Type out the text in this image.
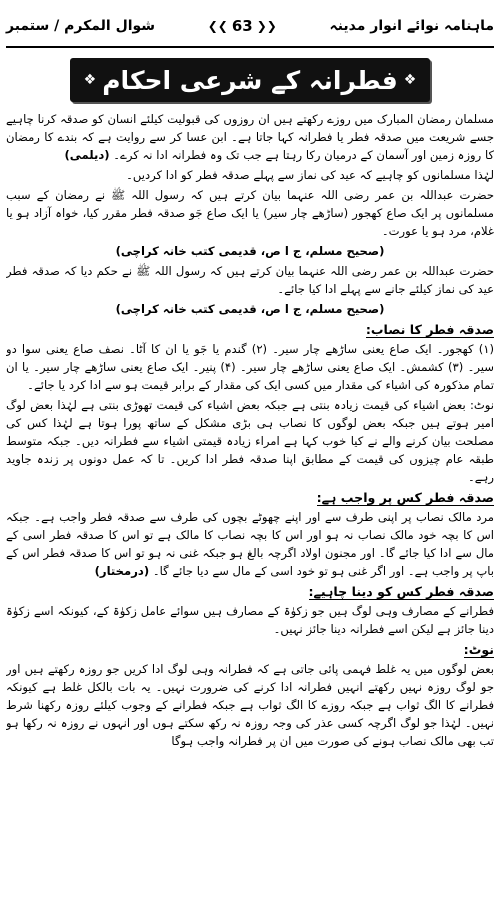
شوال المکرم / ستمبر	❮❮ 63 ❯❯	ماہنامہ نوائے انوار مدینہ
❖
فطرانہ کے شرعی احکام
❖

مسلمان رمضان المبارک میں روزے رکھتے ہیں ان روزوں کی قبولیت کیلئے انسان کو صدقہ کرنا چاہیے جسے شریعت میں صدقہ فطر یا فطرانہ کہا جاتا ہے۔ ابن عسا کر سے روایت ہے کہ بندے کا رمضان کا روزہ زمین اور آسمان کے درمیان رکا رہتا ہے جب تک وہ فطرانہ ادا نہ کرے۔ (دیلمی)

لہٰذا مسلمانوں کو چاہیے کہ عید کی نماز سے پہلے صدقہ فطر کو ادا کردیں۔

حضرت عبداللہ بن عمر رضی اللہ عنہما بیان کرتے ہیں کہ رسول اللہ ﷺ نے رمضان کے سبب مسلمانوں پر ایک صاع کھجور (ساڑھے چار سیر) یا ایک صاع جَو صدقہ فطر مقرر کیا، خواہ آزاد ہو یا غلام، مرد ہو یا عورت۔

(صحیح مسلم، ج ا ص، قدیمی کتب خانہ کراچی)

حضرت عبداللہ بن عمر رضی اللہ عنہما بیان کرتے ہیں کہ رسول اللہ ﷺ نے حکم دیا کہ صدقہ فطر عید کی نماز کیلئے جانے سے پہلے ادا کیا جائے۔

(صحیح مسلم، ج ا ص، قدیمی کتب خانہ کراچی)

صدقہ فطر کا نصاب:

(۱) کھجور۔ ایک صاع یعنی ساڑھے چار سیر۔ (۲) گندم یا جَو یا ان کا آٹا۔ نصف صاع یعنی سوا دو سیر۔ (۳) کشمش۔ ایک صاع یعنی ساڑھے چار سیر۔ (۴) پنیر۔ ایک صاع یعنی ساڑھے چار سیر۔ یا ان تمام مذکورہ کی اشیاء کی مقدار میں کسی ایک کی مقدار کے برابر قیمت ہو سے ادا کرد یا جائے۔

نوٹ: بعض اشیاء کی قیمت زیادہ بنتی ہے جبکہ بعض اشیاء کی قیمت تھوڑی بنتی ہے لہٰذا بعض لوگ امیر ہوتے ہیں جبکہ بعض لوگوں کا نصاب ہی بڑی مشکل کے ساتھ پورا ہوتا ہے لہٰذا کس کی مصلحت بیان کرنے والے نے کیا خوب کہا ہے امراء زیادہ قیمتی اشیاء سے فطرانہ دیں۔ جبکہ متوسط طبقہ عام چیزوں کی قیمت کے مطابق اپنا صدقہ فطر ادا کریں۔ تا کہ عمل دونوں پر زندہ جاوید رہے۔

صدقہ فطر کس پر واجب ہے:

مرد مالک نصاب پر اپنی طرف سے اور اپنے چھوٹے بچوں کی طرف سے صدقہ فطر واجب ہے۔ جبکہ اس کا بچہ خود مالک نصاب نہ ہو اور اس کا بچہ نصاب کا مالک ہے تو اس کا صدقہ فطر اسی کے مال سے ادا کیا جائے گا۔ اور مجنون اولاد اگرچہ بالغ ہو جبکہ غنی نہ ہو تو اس کا صدقہ فطر اس کے باپ پر واجب ہے۔ اور اگر غنی ہو تو خود اسی کے مال سے دیا جائے گا۔ (درمختار)

صدقہ فطر کس کو دینا چاہیے:

فطرانے کے مصارف وہی لوگ ہیں جو زکوٰۃ کے مصارف ہیں سوائے عامل زکوٰۃ کے، کیونکہ اسے زکوٰۃ دینا جائز ہے لیکن اسے فطرانہ دینا جائز نہیں۔

نوٹ:

بعض لوگوں میں یہ غلط فہمی پائی جاتی ہے کہ فطرانہ وہی لوگ ادا کریں جو روزہ رکھتے ہیں اور جو لوگ روزہ نہیں رکھتے انہیں فطرانہ ادا کرنے کی ضرورت نہیں۔ یہ بات بالکل غلط ہے کیونکہ فطرانے کا الگ ثواب ہے جبکہ روزے کا الگ ثواب ہے جبکہ فطرانے کے وجوب کیلئے روزہ رکھنا شرط نہیں۔ لہٰذا جو لوگ اگرچہ کسی عذر کی وجہ روزہ نہ رکھ سکتے ہوں اور انہوں نے روزہ نہ رکھا ہو تب بھی مالک نصاب ہونے کی صورت میں ان پر فطرانہ واجب ہوگا
